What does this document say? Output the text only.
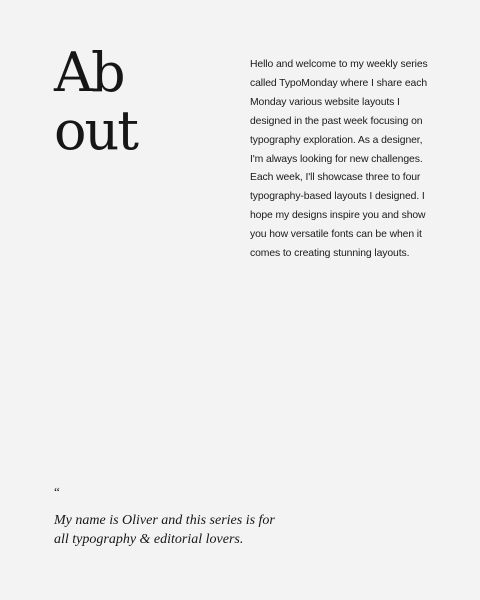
Ab
out

Hello and welcome to my weekly series called TypoMonday where I share each Monday various website layouts I designed in the past week focusing on typography exploration. As a designer, I'm always looking for new challenges. Each week, I'll showcase three to four typography-based layouts I designed. I hope my designs inspire you and show you how versatile fonts can be when it comes to creating stunning layouts.

“

My name is Oliver and this series is for
all typography & editorial lovers.
